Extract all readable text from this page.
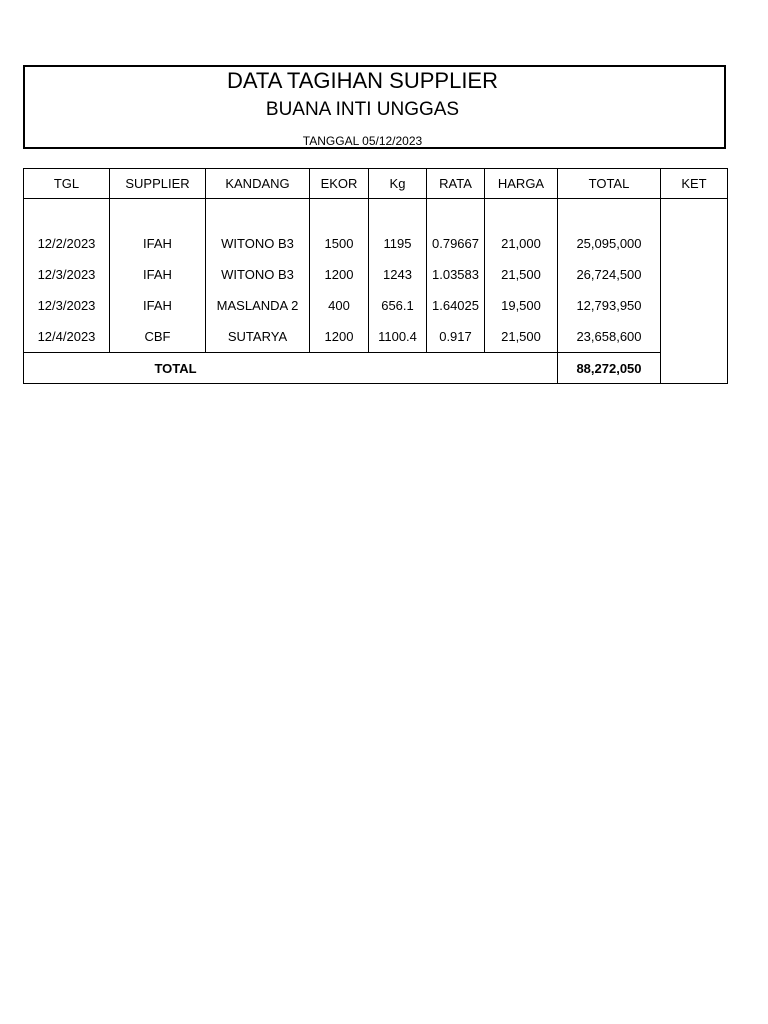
DATA TAGIHAN SUPPLIER
BUANA INTI UNGGAS
TANGGAL 05/12/2023
TGL	SUPPLIER	KANDANG	EKOR	Kg	RATA	HARGA	TOTAL	KET

12/2/2023	IFAH	WITONO B3	1500	1195	0.79667	21,000	25,095,000	
12/3/2023	IFAH	WITONO B3	1200	1243	1.03583	21,500	26,724,500	
12/3/2023	IFAH	MASLANDA 2	400	656.1	1.64025	19,500	12,793,950	
12/4/2023	CBF	SUTARYA	1200	1100.4	0.917	21,500	23,658,600	
TOTAL							88,272,050	
